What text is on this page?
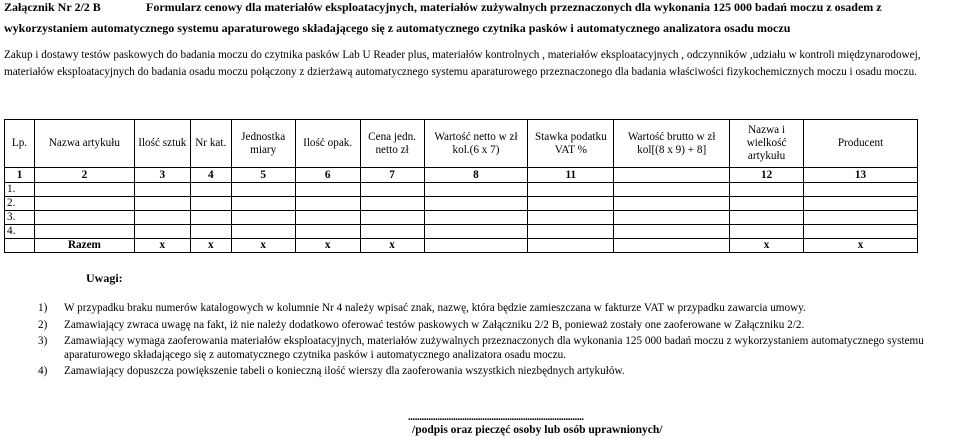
Załącznik Nr 2/2 B	Formularz cenowy dla materiałów eksploatacyjnych, materiałów zużywalnych przeznaczonych dla wykonania 125 000 badań moczu z osadem z
wykorzystaniem automatycznego systemu aparaturowego składającego się z automatycznego czytnika pasków i automatycznego analizatora osadu moczu
Zakup i dostawy testów paskowych do badania moczu do czytnika pasków Lab U Reader plus, materiałów kontrolnych , materiałów eksploatacyjnych , odczynników ,udziału w kontroli międzynarodowej, materiałów eksploatacyjnych do badania osadu moczu połączony z dzierżawą automatycznego systemu aparaturowego przeznaczonego dla badania właściwości fizykochemicznych moczu i osadu moczu.
Lp.	Nazwa artykułu	Ilość sztuk	Nr kat.	Jednostka miary	Ilość opak.	Cena jedn. netto zł	Wartość netto w zł kol.(6 x 7)	Stawka podatku VAT %	Wartość brutto w zł kol[(8 x 9) + 8]	Nazwa i wielkość artykułu	Producent
1	2	3	4	5	6	7	8	11		12	13
1.											
2.											
3.											
4.											
	Razem	x	x	x	x	x				x	x
Uwagi:
1) W przypadku braku numerów katalogowych w kolumnie Nr 4 należy wpisać znak, nazwę, która będzie zamieszczana w fakturze VAT w przypadku zawarcia umowy.
2) Zamawiający zwraca uwagę na fakt, iż nie należy dodatkowo oferować testów paskowych w Załączniku 2/2 B, ponieważ zostały one zaoferowane w Załączniku 2/2.
3) Zamawiający wymaga zaoferowania materiałów eksploatacyjnych, materiałów zużywalnych przeznaczonych dla wykonania 125 000 badań moczu z wykorzystaniem automatycznego systemu aparaturowego składającego się z automatycznego czytnika pasków i automatycznego analizatora osadu moczu.
4) Zamawiający dopuszcza powiększenie tabeli o konieczną ilość wierszy dla zaoferowania wszystkich niezbędnych artykułów.
..............................................................................
/podpis oraz pieczęć osoby lub osób uprawnionych/
